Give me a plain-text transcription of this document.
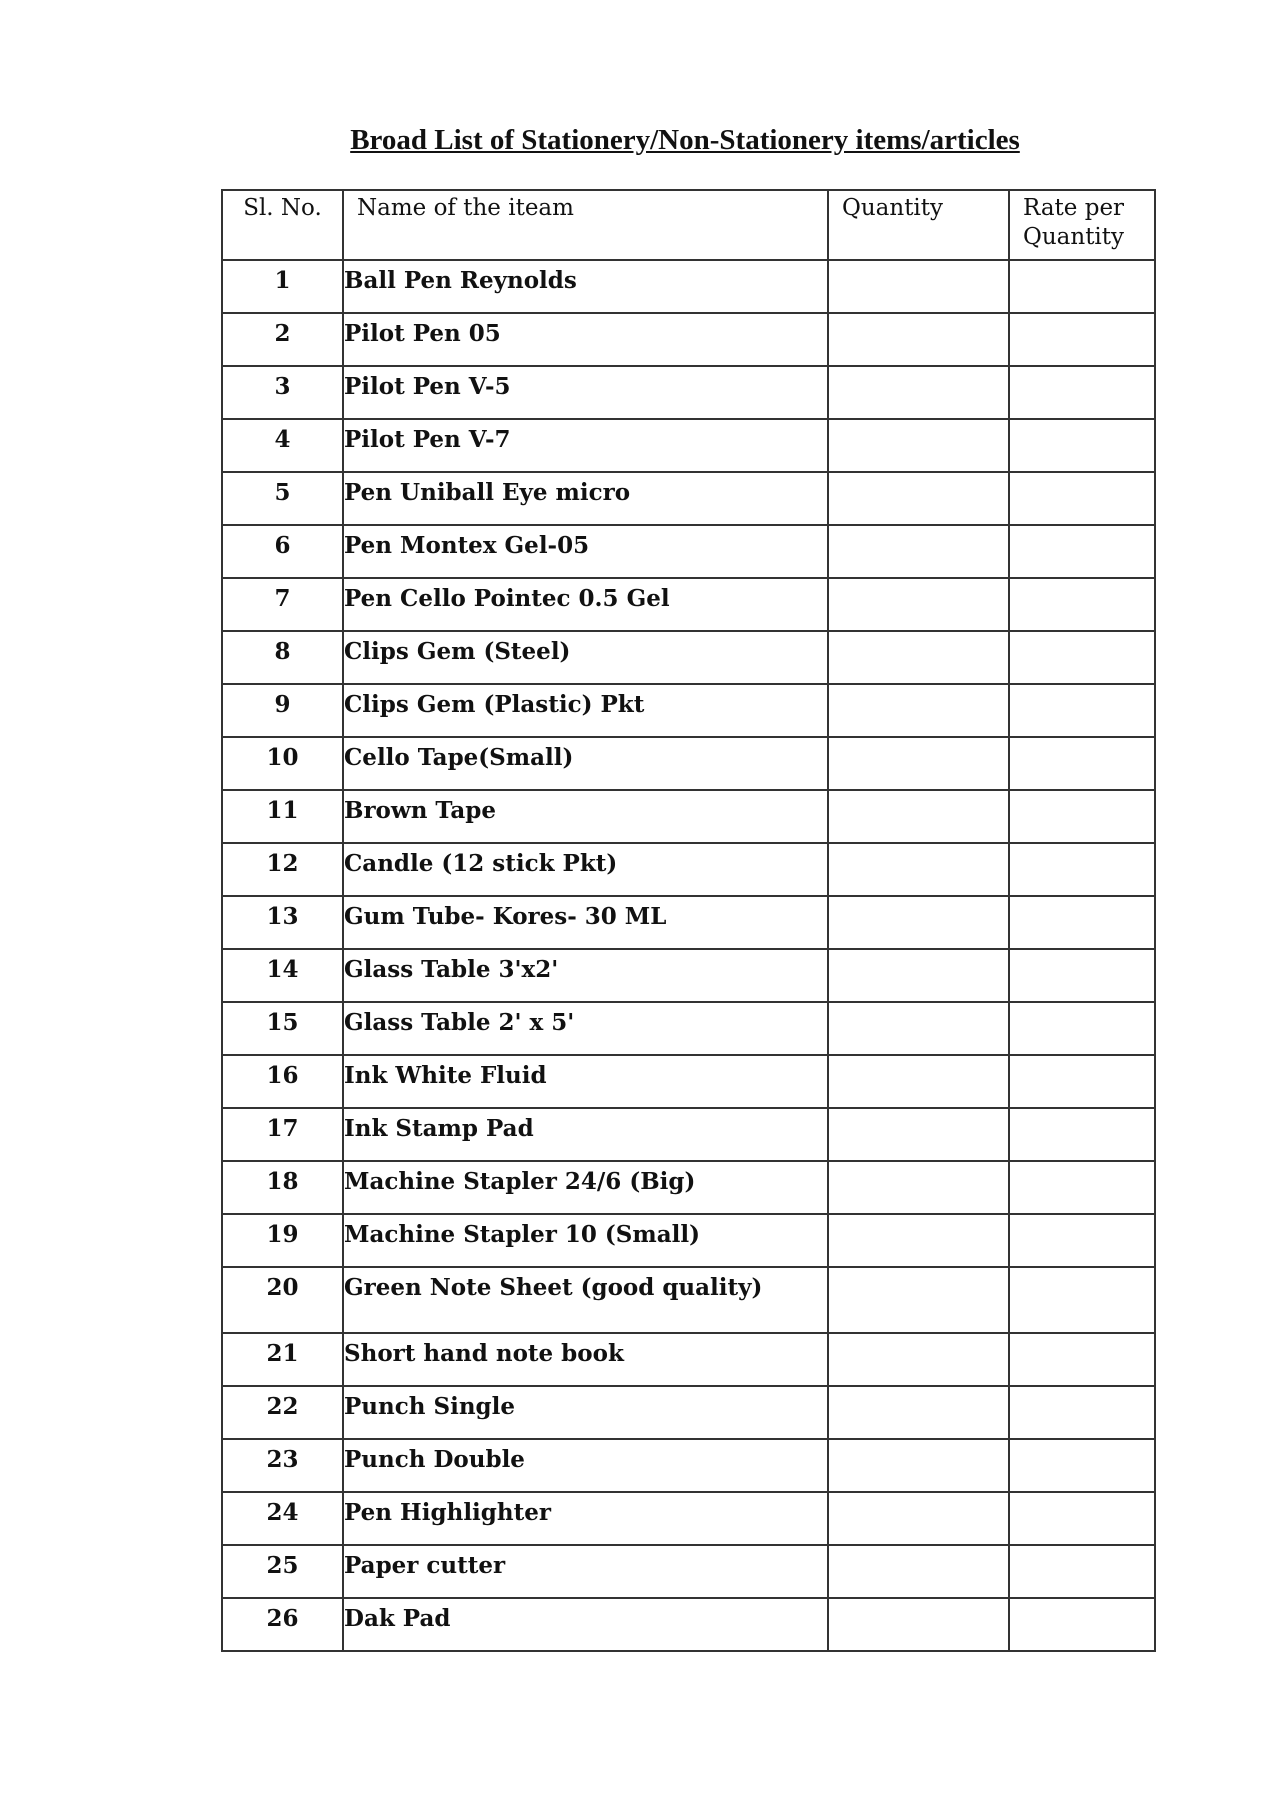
Broad List of Stationery/Non-Stationery items/articles
Sl. No.	Name of the iteam	Quantity	Rate per Quantity
1	Ball Pen Reynolds		
2	Pilot Pen 05		
3	Pilot Pen V-5		
4	Pilot Pen V-7		
5	Pen Uniball Eye micro		
6	Pen Montex Gel-05		
7	Pen Cello Pointec 0.5 Gel		
8	Clips Gem (Steel)		
9	Clips Gem (Plastic) Pkt		
10	Cello Tape(Small)		
11	Brown Tape		
12	Candle (12 stick Pkt)		
13	Gum Tube- Kores- 30 ML		
14	Glass Table 3'x2'		
15	Glass Table 2' x 5'		
16	Ink White Fluid		
17	Ink Stamp Pad		
18	Machine Stapler 24/6 (Big)		
19	Machine Stapler 10 (Small)		
20	Green Note Sheet (good quality)		
21	Short hand note book		
22	Punch Single		
23	Punch Double		
24	Pen Highlighter		
25	Paper cutter		
26	Dak Pad		
